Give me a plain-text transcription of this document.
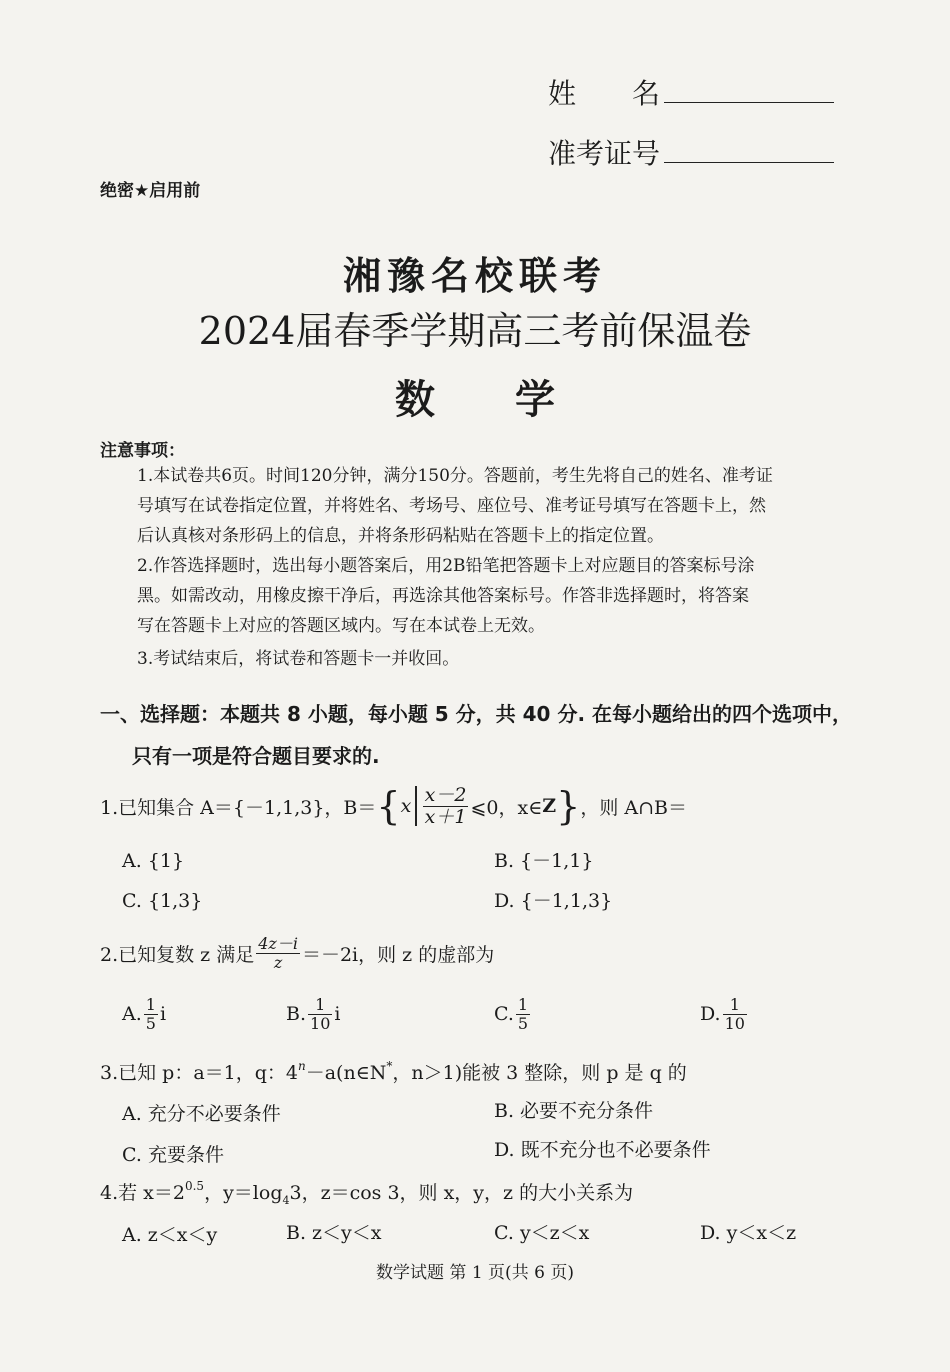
姓　　名
准考证号
绝密★启用前
湘豫名校联考
2024届春季学期高三考前保温卷
数　　学
注意事项：
1.本试卷共6页。时间120分钟，满分150分。答题前，考生先将自己的姓名、准考证
号填写在试卷指定位置，并将姓名、考场号、座位号、准考证号填写在答题卡上，然
后认真核对条形码上的信息，并将条形码粘贴在答题卡上的指定位置。
2.作答选择题时，选出每小题答案后，用2B铅笔把答题卡上对应题目的答案标号涂
黑。如需改动，用橡皮擦干净后，再选涂其他答案标号。作答非选择题时，将答案
写在答题卡上对应的答题区域内。写在本试卷上无效。
3.考试结束后，将试卷和答题卡一并收回。
一、选择题：本题共 8 小题，每小题 5 分，共 40 分. 在每小题给出的四个选项中，
只有一项是符合题目要求的.
1.已知集合 A＝{－1,1,3}，B＝ { x $\frac{x-2}{x+1}$ ⩽0，x∈ Z } ，则 A∩B＝
A. {1}	B. {－1,1}
C. {1,3}	D. {－1,1,3}
2.已知复数 z 满足 $\frac{4z-i}{z} =-2i$，则 z 的虚部为
A. $\frac{1}{5}$ i	B. $\frac{1}{10}$ i	C. $\frac{1}{5}$	D. $\frac{1}{10}$
3.已知 p：a＝1，q：$4^n-a(n\in N^*$，n＞1)能被 3 整除，则 p 是 q 的
A. 充分不必要条件	B. 必要不充分条件
C. 充要条件	D. 既不充分也不必要条件
4.若 $x=2^{0.5}$，$y=\log_43$，z＝cos 3，则 x，y，z 的大小关系为
A. z＜x＜y	B. z＜y＜x	C. y＜z＜x	D. y＜x＜z
数学试题 第 1 页(共 6 页)
